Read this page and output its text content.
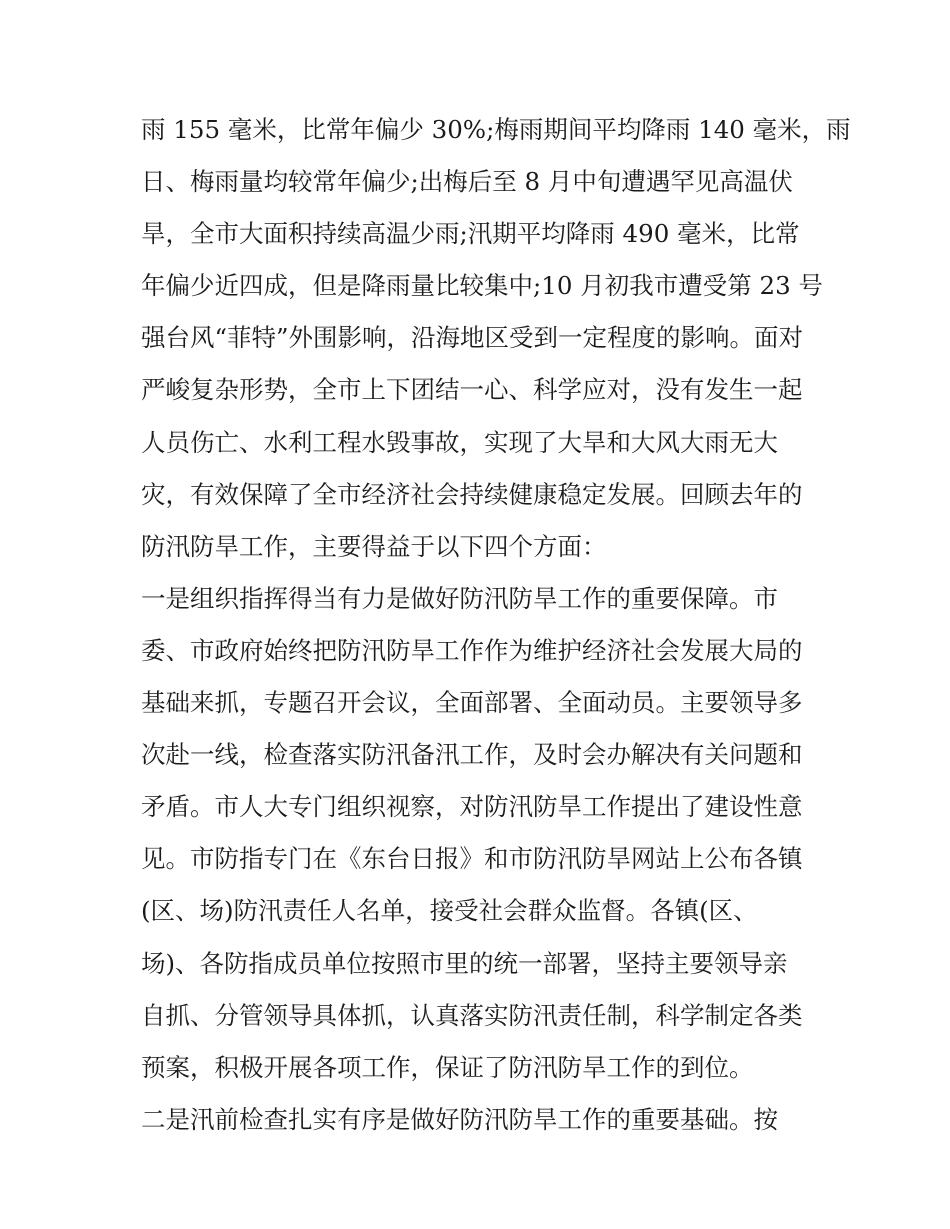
雨 155 毫米，比常年偏少 30%;梅雨期间平均降雨 140 毫米，雨
日、梅雨量均较常年偏少;出梅后至 8 月中旬遭遇罕见高温伏
旱，全市大面积持续高温少雨;汛期平均降雨 490 毫米，比常
年偏少近四成，但是降雨量比较集中;10 月初我市遭受第 23 号
强台风“菲特”外围影响，沿海地区受到一定程度的影响。面对
严峻复杂形势，全市上下团结一心、科学应对，没有发生一起
人员伤亡、水利工程水毁事故，实现了大旱和大风大雨无大
灾，有效保障了全市经济社会持续健康稳定发展。回顾去年的
防汛防旱工作，主要得益于以下四个方面：
一是组织指挥得当有力是做好防汛防旱工作的重要保障。市
委、市政府始终把防汛防旱工作作为维护经济社会发展大局的
基础来抓，专题召开会议，全面部署、全面动员。主要领导多
次赴一线，检查落实防汛备汛工作，及时会办解决有关问题和
矛盾。市人大专门组织视察，对防汛防旱工作提出了建设性意
见。市防指专门在《东台日报》和市防汛防旱网站上公布各镇
(区、场)防汛责任人名单，接受社会群众监督。各镇(区、
场)、各防指成员单位按照市里的统一部署，坚持主要领导亲
自抓、分管领导具体抓，认真落实防汛责任制，科学制定各类
预案，积极开展各项工作，保证了防汛防旱工作的到位。
二是汛前检查扎实有序是做好防汛防旱工作的重要基础。按
